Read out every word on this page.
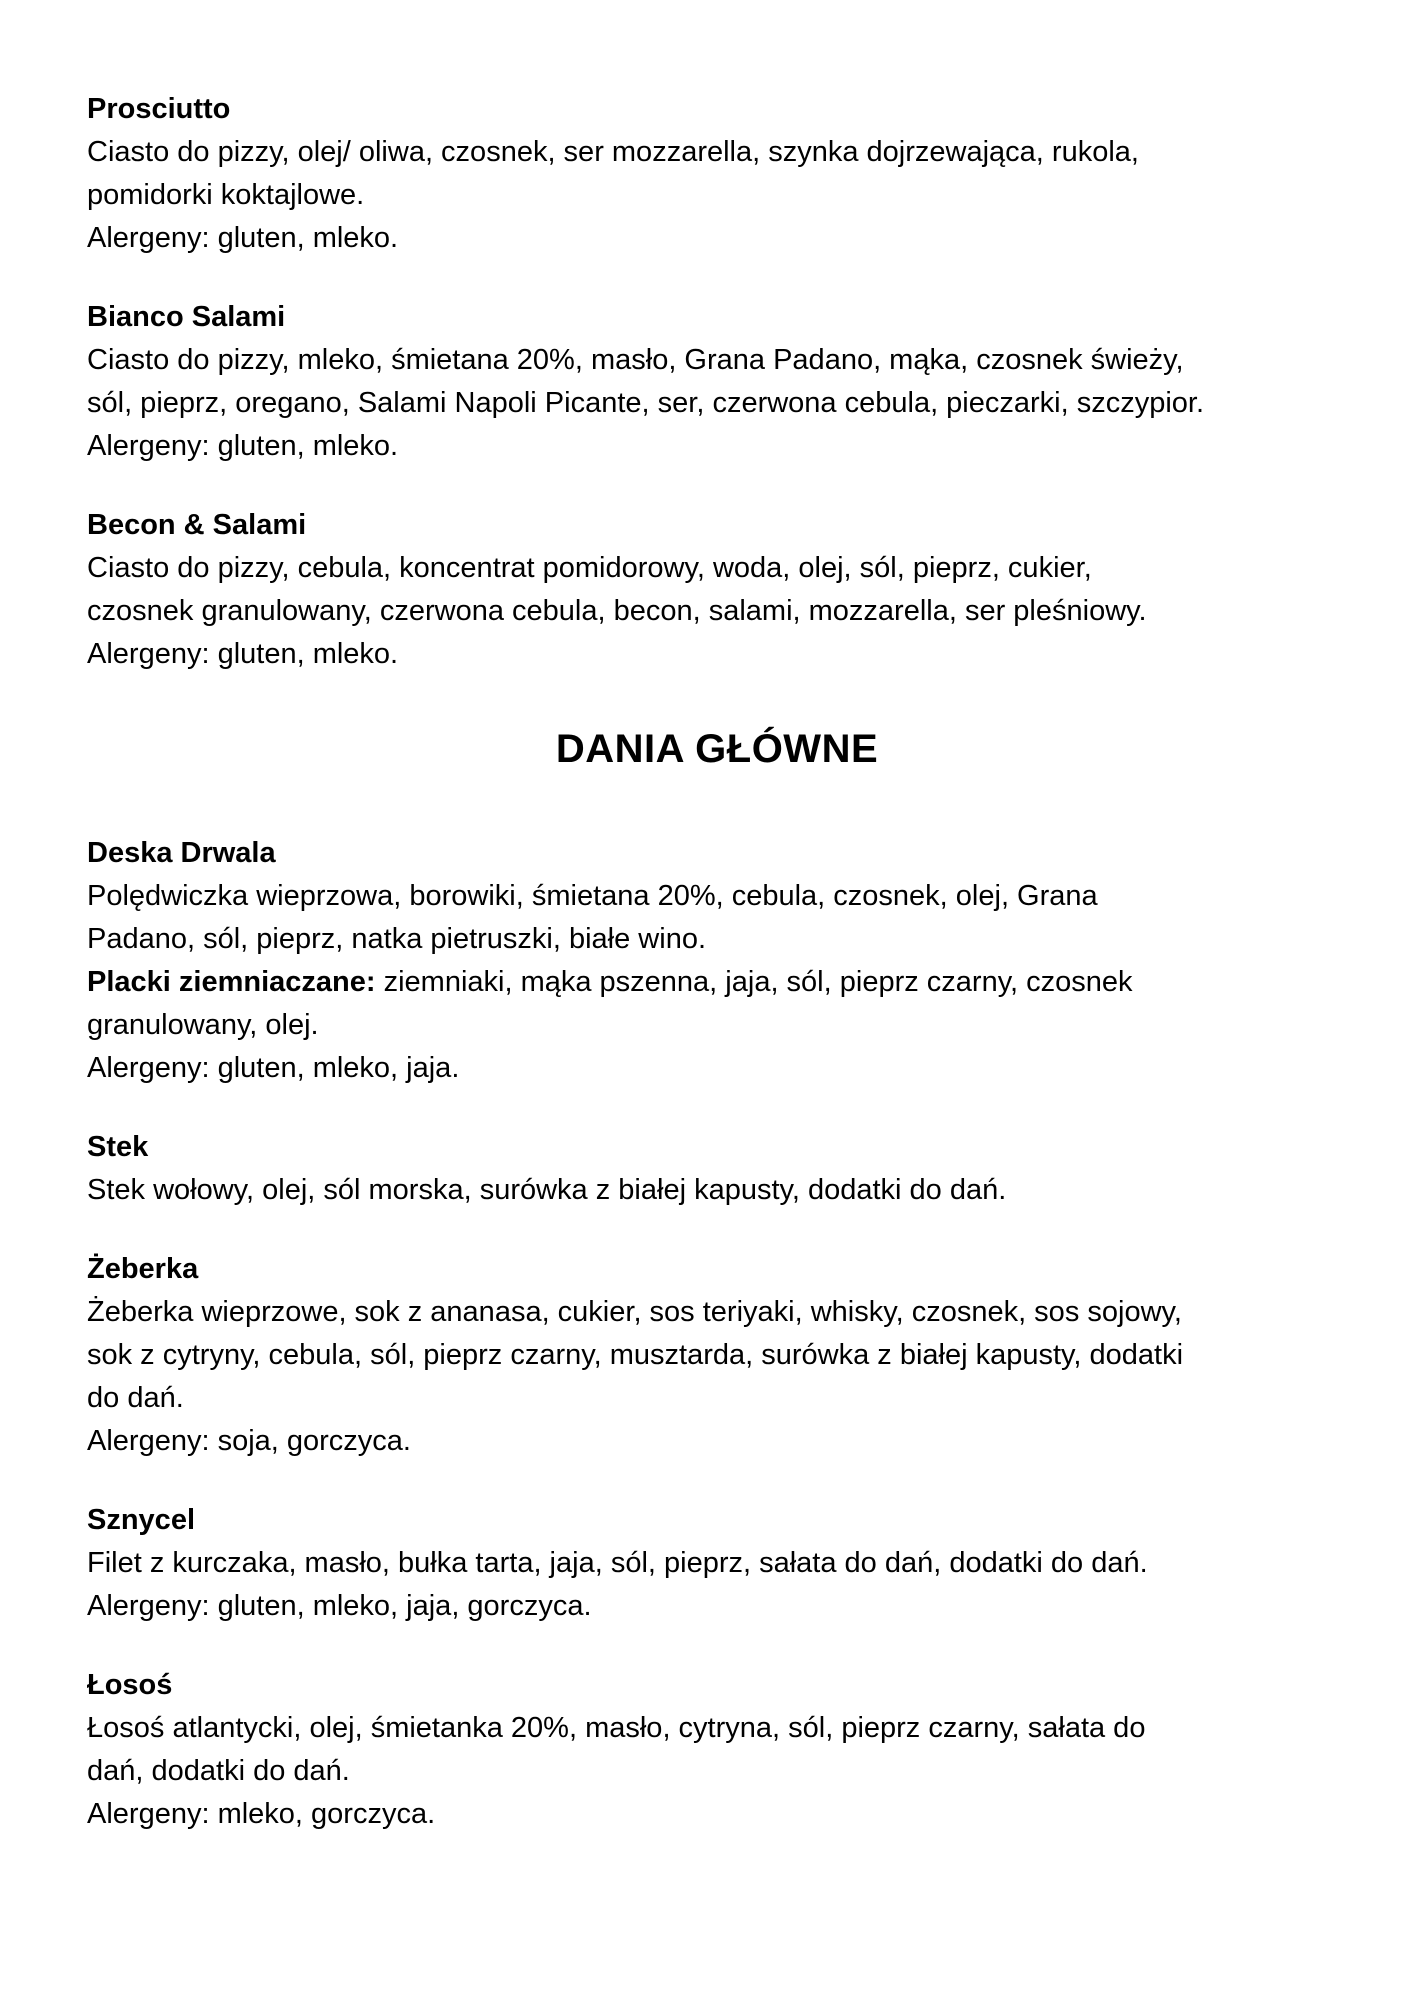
Prosciutto

Ciasto do pizzy, olej/ oliwa, czosnek, ser mozzarella, szynka dojrzewająca, rukola,

pomidorki koktajlowe.

Alergeny: gluten, mleko.

Bianco Salami

Ciasto do pizzy, mleko, śmietana 20%, masło, Grana Padano, mąka, czosnek świeży,

sól, pieprz, oregano, Salami Napoli Picante, ser, czerwona cebula, pieczarki, szczypior.

Alergeny: gluten, mleko.

Becon & Salami

Ciasto do pizzy, cebula, koncentrat pomidorowy, woda, olej, sól, pieprz, cukier,

czosnek granulowany, czerwona cebula, becon, salami, mozzarella, ser pleśniowy.

Alergeny: gluten, mleko.

DANIA GŁÓWNE

Deska Drwala

Polędwiczka wieprzowa, borowiki, śmietana 20%, cebula, czosnek, olej, Grana

Padano, sól, pieprz, natka pietruszki, białe wino.

Placki ziemniaczane: ziemniaki, mąka pszenna, jaja, sól, pieprz czarny, czosnek

granulowany, olej.

Alergeny: gluten, mleko, jaja.

Stek

Stek wołowy, olej, sól morska, surówka z białej kapusty, dodatki do dań.

Żeberka

Żeberka wieprzowe, sok z ananasa, cukier, sos teriyaki, whisky, czosnek, sos sojowy,

sok z cytryny, cebula, sól, pieprz czarny, musztarda, surówka z białej kapusty, dodatki

do dań.

Alergeny: soja, gorczyca.

Sznycel

Filet z kurczaka, masło, bułka tarta, jaja, sól, pieprz, sałata do dań, dodatki do dań.

Alergeny: gluten, mleko, jaja, gorczyca.

Łosoś

Łosoś atlantycki, olej, śmietanka 20%, masło, cytryna, sól, pieprz czarny, sałata do

dań, dodatki do dań.

Alergeny: mleko, gorczyca.
